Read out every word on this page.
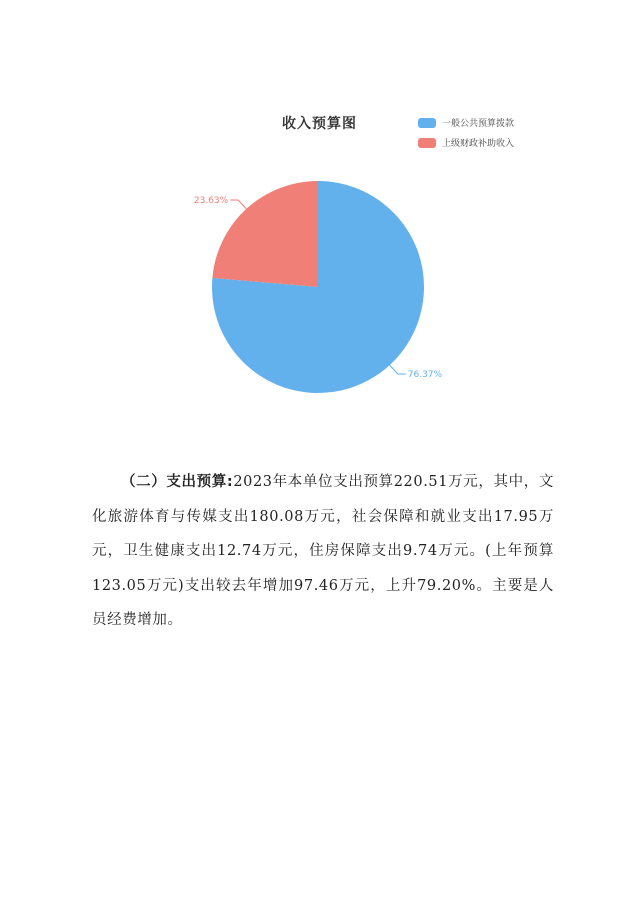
收入预算图	一般公共预算拨款
上级财政补助收入
76.37%
23.63%
（二）支出预算:2023年本单位支出预算220.51万元，其中，文化旅游体育与传媒支出180.08万元，社会保障和就业支出17.95万元，卫生健康支出12.74万元，住房保障支出9.74万元。(上年预算123.05万元)支出较去年增加97.46万元，上升79.20%。主要是人员经费增加。
